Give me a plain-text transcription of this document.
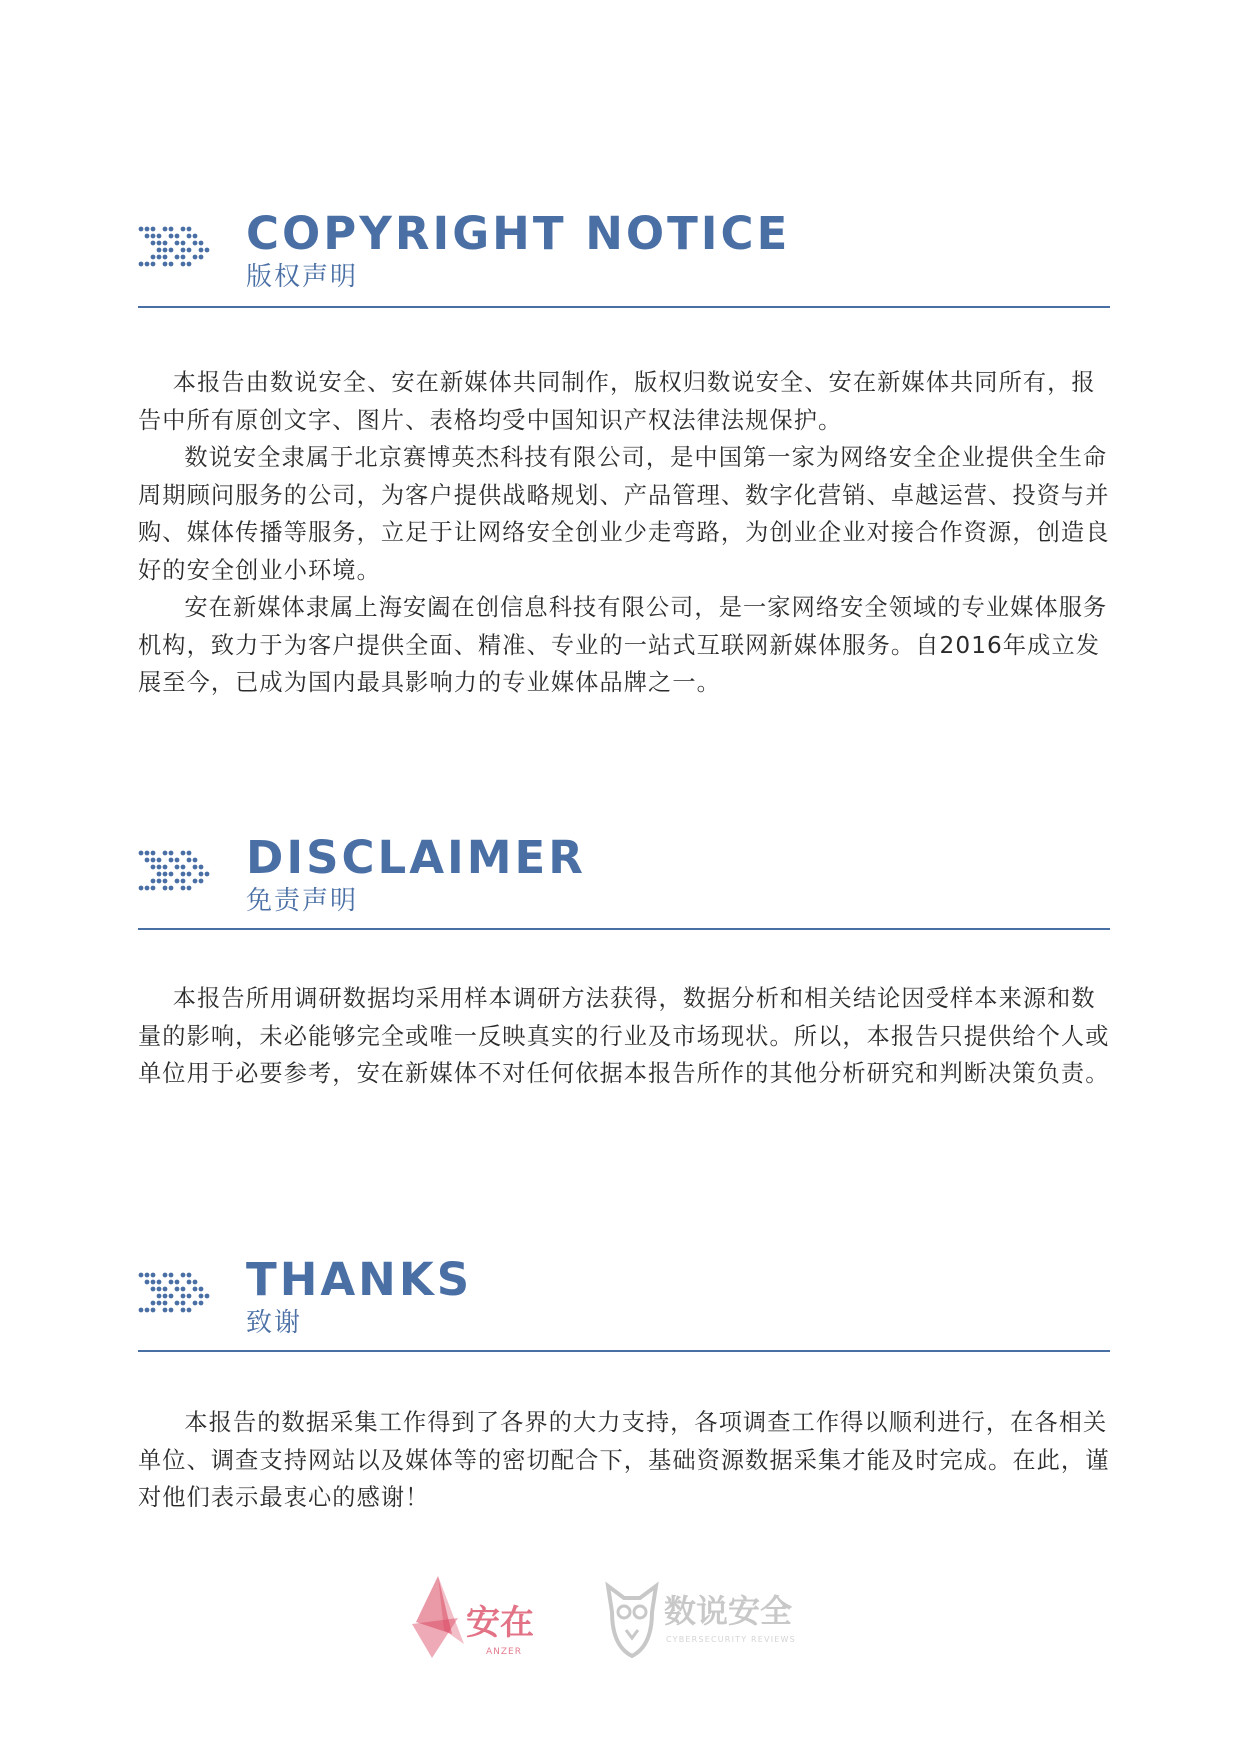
COPYRIGHT NOTICE
版权声明

本报告由数说安全、安在新媒体共同制作，版权归数说安全、安在新媒体共同所有，报告中所有原创文字、图片、表格均受中国知识产权法律法规保护。

数说安全隶属于北京赛博英杰科技有限公司，是中国第一家为网络安全企业提供全生命周期顾问服务的公司，为客户提供战略规划、产品管理、数字化营销、卓越运营、投资与并购、媒体传播等服务，立足于让网络安全创业少走弯路，为创业企业对接合作资源，创造良好的安全创业小环境。

安在新媒体隶属上海安阖在创信息科技有限公司，是一家网络安全领域的专业媒体服务机构，致力于为客户提供全面、精准、专业的一站式互联网新媒体服务。自2016年成立发展至今，已成为国内最具影响力的专业媒体品牌之一。

DISCLAIMER
免责声明

本报告所用调研数据均采用样本调研方法获得，数据分析和相关结论因受样本来源和数量的影响，未必能够完全或唯一反映真实的行业及市场现状。所以，本报告只提供给个人或单位用于必要参考，安在新媒体不对任何依据本报告所作的其他分析研究和判断决策负责。

THANKS
致谢

本报告的数据采集工作得到了各界的大力支持，各项调查工作得以顺利进行，在各相关单位、调查支持网站以及媒体等的密切配合下，基础资源数据采集才能及时完成。在此，谨对他们表示最衷心的感谢！

安在
ANZER
数说安全
CYBERSECURITY REVIEWS
